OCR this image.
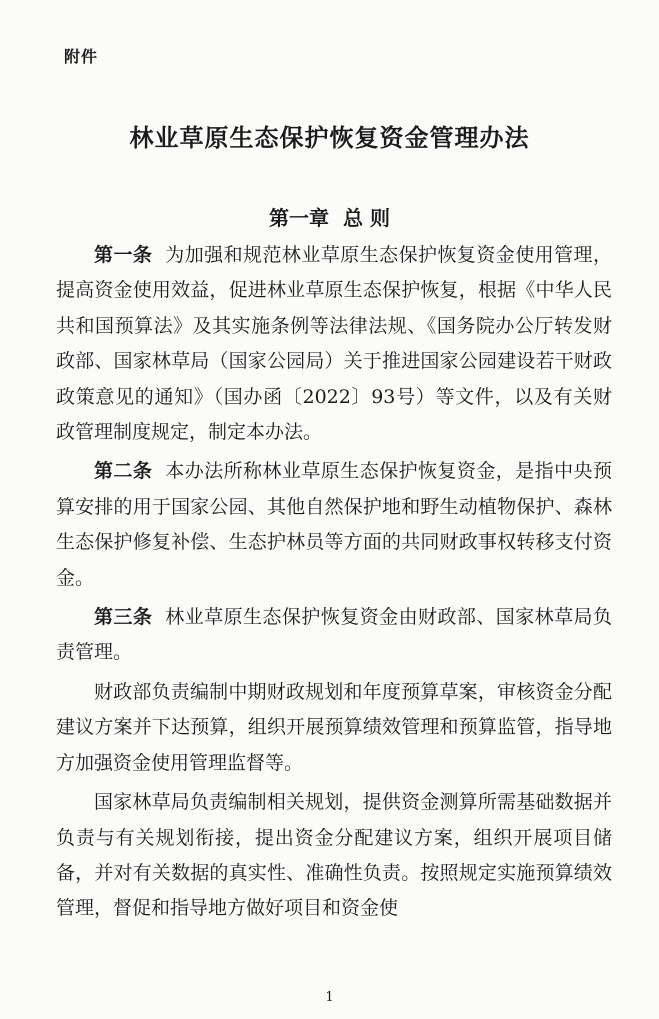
附件
林业草原生态保护恢复资金管理办法
第一章 总 则

第一条 为加强和规范林业草原生态保护恢复资金使用管理，提高资金使用效益，促进林业草原生态保护恢复，根据《中华人民共和国预算法》及其实施条例等法律法规、《国务院办公厅转发财政部、国家林草局（国家公园局）关于推进国家公园建设若干财政政策意见的通知》（国办函〔2022〕93号）等文件，以及有关财政管理制度规定，制定本办法。

第二条 本办法所称林业草原生态保护恢复资金，是指中央预算安排的用于国家公园、其他自然保护地和野生动植物保护、森林生态保护修复补偿、生态护林员等方面的共同财政事权转移支付资金。

第三条 林业草原生态保护恢复资金由财政部、国家林草局负责管理。

财政部负责编制中期财政规划和年度预算草案，审核资金分配建议方案并下达预算，组织开展预算绩效管理和预算监管，指导地方加强资金使用管理监督等。

国家林草局负责编制相关规划，提供资金测算所需基础数据并负责与有关规划衔接，提出资金分配建议方案，组织开展项目储备，并对有关数据的真实性、准确性负责。按照规定实施预算绩效管理，督促和指导地方做好项目和资金使

1
